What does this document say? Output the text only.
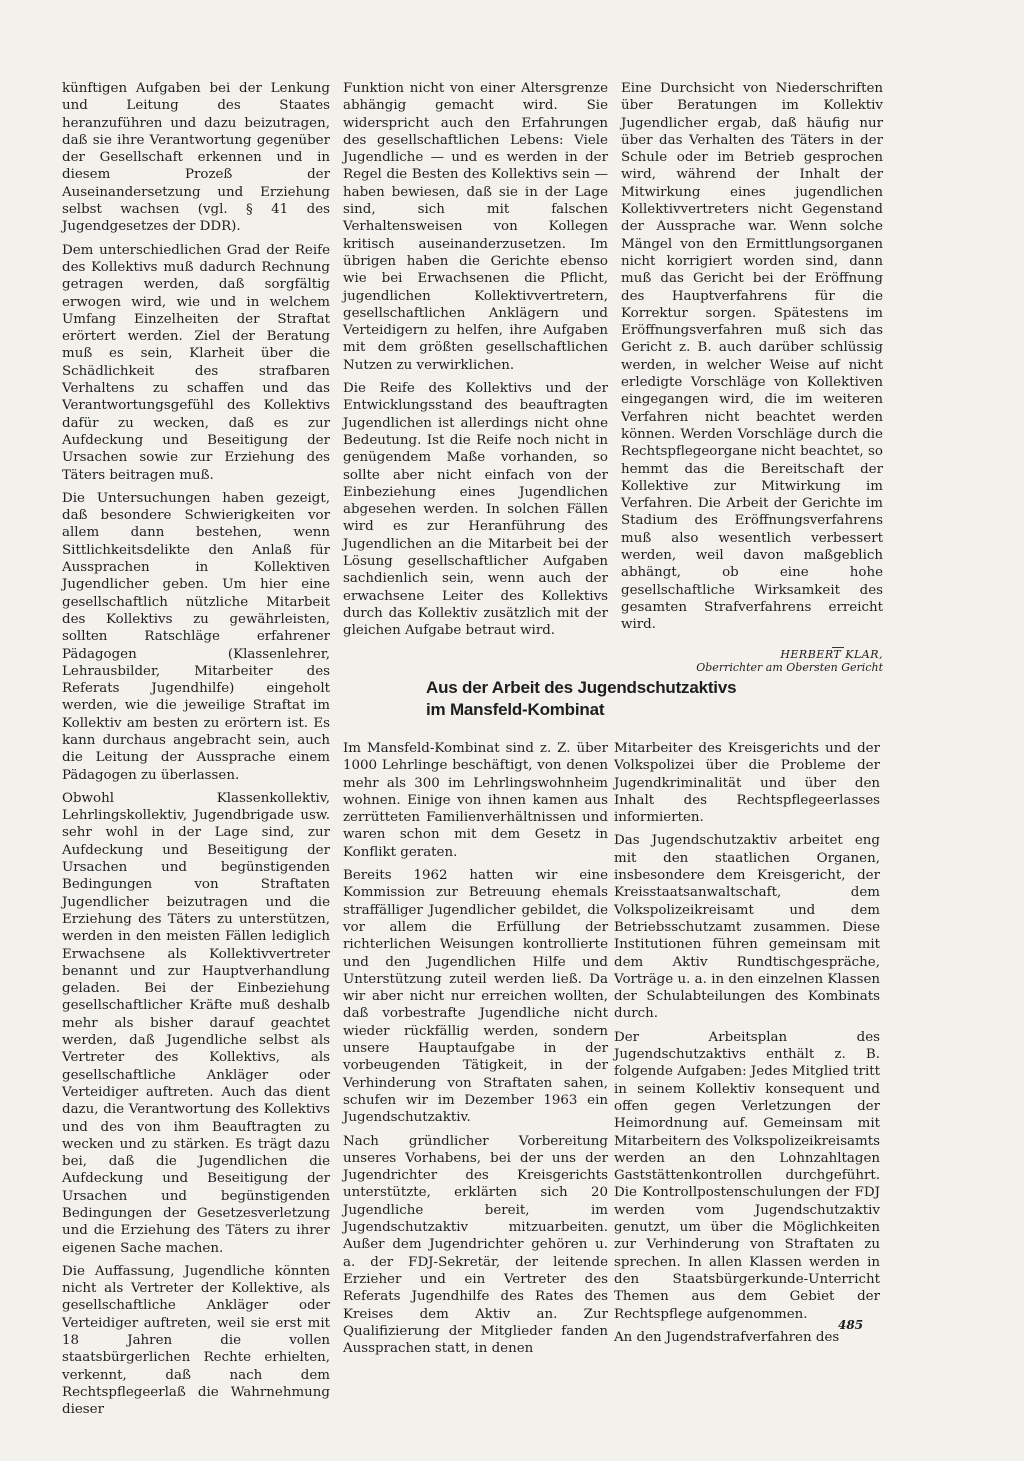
künftigen Aufgaben bei der Lenkung und Leitung des Staates heranzuführen und dazu beizutragen, daß sie ihre Verantwortung gegenüber der Gesellschaft erkennen und in diesem Prozeß der Auseinandersetzung und Erziehung selbst wachsen (vgl. § 41 des Jugendgesetzes der DDR).

Dem unterschiedlichen Grad der Reife des Kollektivs muß dadurch Rechnung getragen werden, daß sorgfältig erwogen wird, wie und in welchem Umfang Einzelheiten der Straftat erörtert werden. Ziel der Beratung muß es sein, Klarheit über die Schädlichkeit des strafbaren Verhaltens zu schaffen und das Verantwortungsgefühl des Kollektivs dafür zu wecken, daß es zur Aufdeckung und Beseitigung der Ursachen sowie zur Erziehung des Täters beitragen muß.

Die Untersuchungen haben gezeigt, daß besondere Schwierigkeiten vor allem dann bestehen, wenn Sittlichkeitsdelikte den Anlaß für Aussprachen in Kollektiven Jugendlicher geben. Um hier eine gesellschaftlich nützliche Mitarbeit des Kollektivs zu gewährleisten, sollten Ratschläge erfahrener Pädagogen (Klassenlehrer, Lehrausbilder, Mitarbeiter des Referats Jugendhilfe) eingeholt werden, wie die jeweilige Straftat im Kollektiv am besten zu erörtern ist. Es kann durchaus angebracht sein, auch die Leitung der Aussprache einem Pädagogen zu überlassen.

Obwohl Klassenkollektiv, Lehrlingskollektiv, Jugendbrigade usw. sehr wohl in der Lage sind, zur Aufdeckung und Beseitigung der Ursachen und begünstigenden Bedingungen von Straftaten Jugendlicher beizutragen und die Erziehung des Täters zu unterstützen, werden in den meisten Fällen lediglich Erwachsene als Kollektivvertreter benannt und zur Hauptverhandlung geladen. Bei der Einbeziehung gesellschaftlicher Kräfte muß deshalb mehr als bisher darauf geachtet werden, daß Jugendliche selbst als Vertreter des Kollektivs, als gesellschaftliche Ankläger oder Verteidiger auftreten. Auch das dient dazu, die Verantwortung des Kollektivs und des von ihm Beauftragten zu wecken und zu stärken. Es trägt dazu bei, daß die Jugendlichen die Aufdeckung und Beseitigung der Ursachen und begünstigenden Bedingungen der Gesetzesverletzung und die Erziehung des Täters zu ihrer eigenen Sache machen.

Die Auffassung, Jugendliche könnten nicht als Vertreter der Kollektive, als gesellschaftliche Ankläger oder Verteidiger auftreten, weil sie erst mit 18 Jahren die vollen staatsbürgerlichen Rechte erhielten, verkennt, daß nach dem Rechtspflegeerlaß die Wahrnehmung dieser

Funktion nicht von einer Altersgrenze abhängig gemacht wird. Sie widerspricht auch den Erfahrungen des gesellschaftlichen Lebens: Viele Jugendliche — und es werden in der Regel die Besten des Kollektivs sein — haben bewiesen, daß sie in der Lage sind, sich mit falschen Verhaltensweisen von Kollegen kritisch auseinanderzusetzen. Im übrigen haben die Gerichte ebenso wie bei Erwachsenen die Pflicht, jugendlichen Kollektivvertretern, gesellschaftlichen Anklägern und Verteidigern zu helfen, ihre Aufgaben mit dem größten gesellschaftlichen Nutzen zu verwirklichen.

Die Reife des Kollektivs und der Entwicklungsstand des beauftragten Jugendlichen ist allerdings nicht ohne Bedeutung. Ist die Reife noch nicht in genügendem Maße vorhanden, so sollte aber nicht einfach von der Einbeziehung eines Jugendlichen abgesehen werden. In solchen Fällen wird es zur Heranführung des Jugendlichen an die Mitarbeit bei der Lösung gesellschaftlicher Aufgaben sachdienlich sein, wenn auch der erwachsene Leiter des Kollektivs durch das Kollektiv zusätzlich mit der gleichen Aufgabe betraut wird.

Eine Durchsicht von Niederschriften über Beratungen im Kollektiv Jugendlicher ergab, daß häufig nur über das Verhalten des Täters in der Schule oder im Betrieb gesprochen wird, während der Inhalt der Mitwirkung eines jugendlichen Kollektivvertreters nicht Gegenstand der Aussprache war. Wenn solche Mängel von den Ermittlungsorganen nicht korrigiert worden sind, dann muß das Gericht bei der Eröffnung des Hauptverfahrens für die Korrektur sorgen. Spätestens im Eröffnungsverfahren muß sich das Gericht z. B. auch darüber schlüssig werden, in welcher Weise auf nicht erledigte Vorschläge von Kollektiven eingegangen wird, die im weiteren Verfahren nicht beachtet werden können. Werden Vorschläge durch die Rechtspflegeorgane nicht beachtet, so hemmt das die Bereitschaft der Kollektive zur Mitwirkung im Verfahren. Die Arbeit der Gerichte im Stadium des Eröffnungsverfahrens muß also wesentlich verbessert werden, weil davon maßgeblich abhängt, ob eine hohe gesellschaftliche Wirksamkeit des gesamten Strafverfahrens erreicht wird.

HERBERT KLAR,
Oberrichter am Obersten Gericht
Aus der Arbeit des Jugendschutzaktivs
im Mansfeld-Kombinat

Im Mansfeld-Kombinat sind z. Z. über 1000 Lehrlinge beschäftigt, von denen mehr als 300 im Lehrlingswohnheim wohnen. Einige von ihnen kamen aus zerrütteten Familienverhältnissen und waren schon mit dem Gesetz in Konflikt geraten.

Bereits 1962 hatten wir eine Kommission zur Betreuung ehemals straffälliger Jugendlicher gebildet, die vor allem die Erfüllung der richterlichen Weisungen kontrollierte und den Jugendlichen Hilfe und Unterstützung zuteil werden ließ. Da wir aber nicht nur erreichen wollten, daß vorbestrafte Jugendliche nicht wieder rückfällig werden, sondern unsere Hauptaufgabe in der vorbeugenden Tätigkeit, in der Verhinderung von Straftaten sahen, schufen wir im Dezember 1963 ein Jugendschutzaktiv.

Nach gründlicher Vorbereitung unseres Vorhabens, bei der uns der Jugendrichter des Kreisgerichts unterstützte, erklärten sich 20 Jugendliche bereit, im Jugendschutzaktiv mitzuarbeiten. Außer dem Jugendrichter gehören u. a. der FDJ-Sekretär, der leitende Erzieher und ein Vertreter des Referats Jugendhilfe des Rates des Kreises dem Aktiv an. Zur Qualifizierung der Mitglieder fanden Aussprachen statt, in denen

Mitarbeiter des Kreisgerichts und der Volkspolizei über die Probleme der Jugendkriminalität und über den Inhalt des Rechtspflegeerlasses informierten.

Das Jugendschutzaktiv arbeitet eng mit den staatlichen Organen, insbesondere dem Kreisgericht, der Kreisstaatsanwaltschaft, dem Volkspolizeikreisamt und dem Betriebsschutzamt zusammen. Diese Institutionen führen gemeinsam mit dem Aktiv Rundtischgespräche, Vorträge u. a. in den einzelnen Klassen der Schulabteilungen des Kombinats durch.

Der Arbeitsplan des Jugendschutzaktivs enthält z. B. folgende Aufgaben: Jedes Mitglied tritt in seinem Kollektiv konsequent und offen gegen Verletzungen der Heimordnung auf. Gemeinsam mit Mitarbeitern des Volkspolizeikreisamts werden an den Lohnzahltagen Gaststättenkontrollen durchgeführt. Die Kontrollpostenschulungen der FDJ werden vom Jugendschutzaktiv genutzt, um über die Möglichkeiten zur Verhinderung von Straftaten zu sprechen. In allen Klassen werden in den Staatsbürgerkunde-Unterricht Themen aus dem Gebiet der Rechtspflege aufgenommen.

An den Jugendstrafverfahren des

485
